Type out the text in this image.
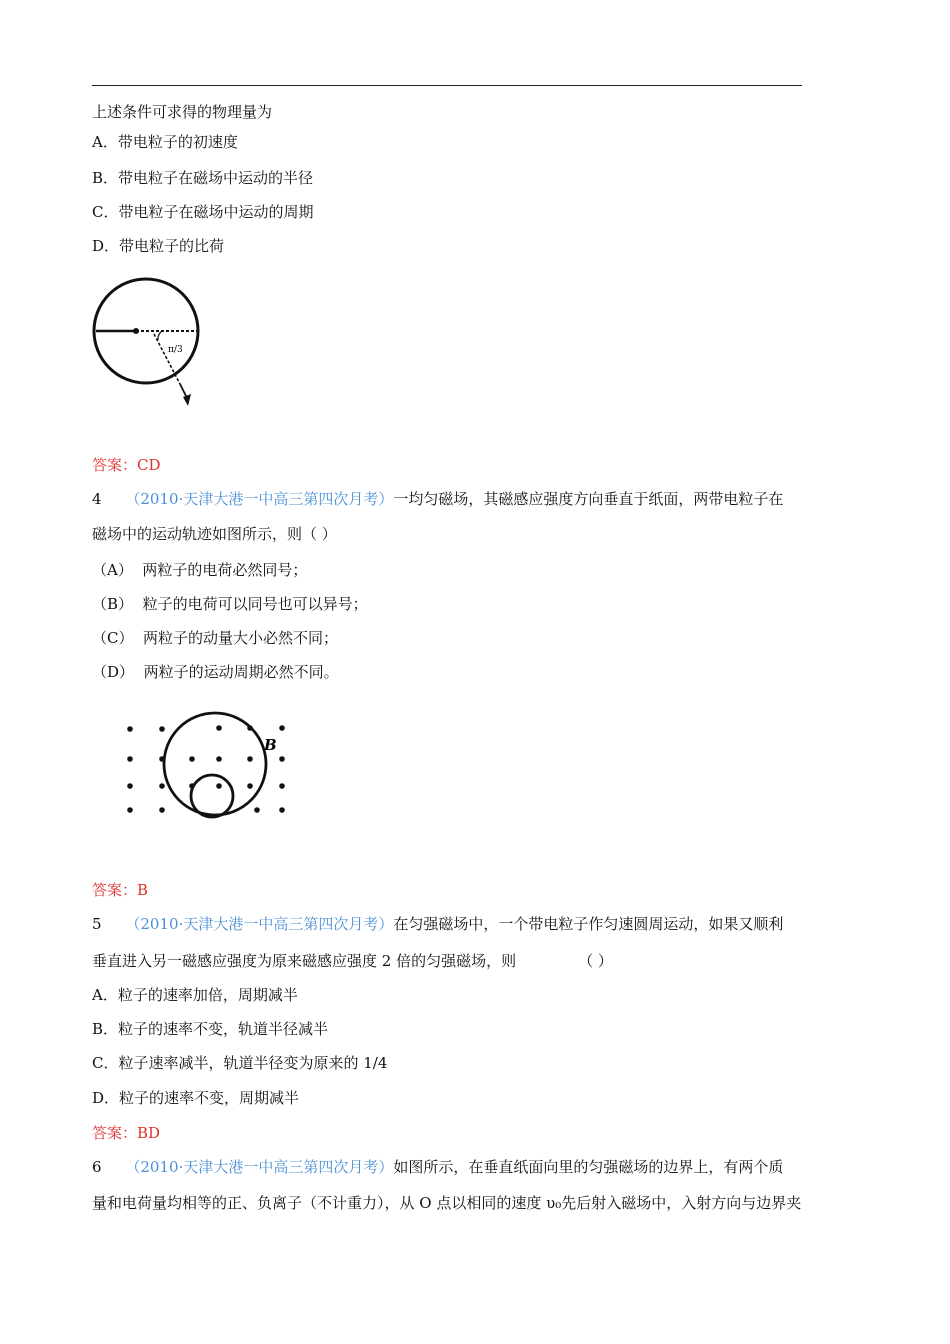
上述条件可求得的物理量为
A．带电粒子的初速度
B．带电粒子在磁场中运动的半径
C．带电粒子在磁场中运动的周期
D．带电粒子的比荷
π/3
答案：CD
4 （2010·天津大港一中高三第四次月考）一均匀磁场，其磁感应强度方向垂直于纸面，两带电粒子在
磁场中的运动轨迹如图所示，则（ ）
（A） 两粒子的电荷必然同号；
（B） 粒子的电荷可以同号也可以异号；
（C） 两粒子的动量大小必然不同；
（D） 两粒子的运动周期必然不同。
B
答案：B
5 （2010·天津大港一中高三第四次月考）在匀强磁场中，一个带电粒子作匀速圆周运动，如果又顺利
垂直进入另一磁感应强度为原来磁感应强度 2 倍的匀强磁场，则	（ ）
A．粒子的速率加倍，周期减半
B．粒子的速率不变，轨道半径减半
C．粒子速率减半，轨道半径变为原来的 1/4
D．粒子的速率不变，周期减半
答案：BD
6 （2010·天津大港一中高三第四次月考）如图所示，在垂直纸面向里的匀强磁场的边界上，有两个质
量和电荷量均相等的正、负离子（不计重力），从 O 点以相同的速度 υ₀先后射入磁场中，入射方向与边界夹
